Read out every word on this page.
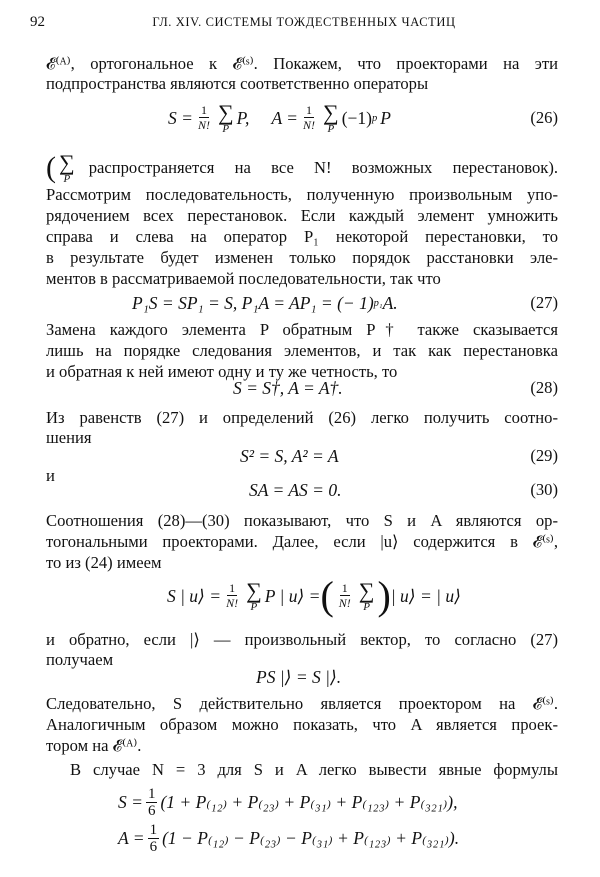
92	ГЛ. XIV. СИСТЕМЫ ТОЖДЕСТВЕННЫХ ЧАСТИЦ
𝓔⁽ᴬ⁾, ортогональное к 𝓔⁽ˢ⁾. Покажем, что проекторами на эти
подпространства являются соответственно операторы
$S = \frac{1}{N!}$ ∑
P
P, $A = \frac{1}{N!}$ ∑
P
(−1) p P	(26)
( ∑
P
распространяется на все N! возможных перестановок).
Рассмотрим последовательность, полученную произвольным упо-
рядочением всех перестановок. Если каждый элемент умножить
справа и слева на оператор P₁ некоторой перестановки, то
в результате будет изменен только порядок расстановки эле-
ментов в рассматриваемой последовательности, так что
P₁S = SP₁ = S, P₁A = AP₁ = (− 1) p₁ A.	(27)
Замена каждого элемента P обратным P† также сказывается
лишь на порядке следования элементов, и так как перестановка
и обратная к ней имеют одну и ту же четность, то
S = S†, A = A†.	(28)
Из равенств (27) и определений (26) легко получить соотно-
шения
S² = S, A² = A	(29)
и
SA = AS = 0.	(30)
Соотношения (28)—(30) показывают, что S и A являются ор-
тогональными проекторами. Далее, если |u⟩ содержится в 𝓔⁽ˢ⁾,
то из (24) имеем
S | u⟩ = $\frac{1}{N!}$ ∑
P
P | u⟩ = ( $\frac{1}{N!}$ ∑
P ) | u⟩ = | u⟩
и обратно, если |⟩ — произвольный вектор, то согласно (27)
получаем
PS |⟩ = S |⟩.
Следовательно, S действительно является проектором на 𝓔⁽ˢ⁾.
Аналогичным образом можно показать, что A является проек-
тором на 𝓔⁽ᴬ⁾.
В случае N = 3 для S и A легко вывести явные формулы
$S = \frac{1}{6} (1 + P_{(12)} + P_{(23)} + P_{(31)} + P_{(123)} + P_{(321)})$,
$A = \frac{1}{6} (1 - P_{(12)} - P_{(23)} - P_{(31)} + P_{(123)} + P_{(321)})$.
